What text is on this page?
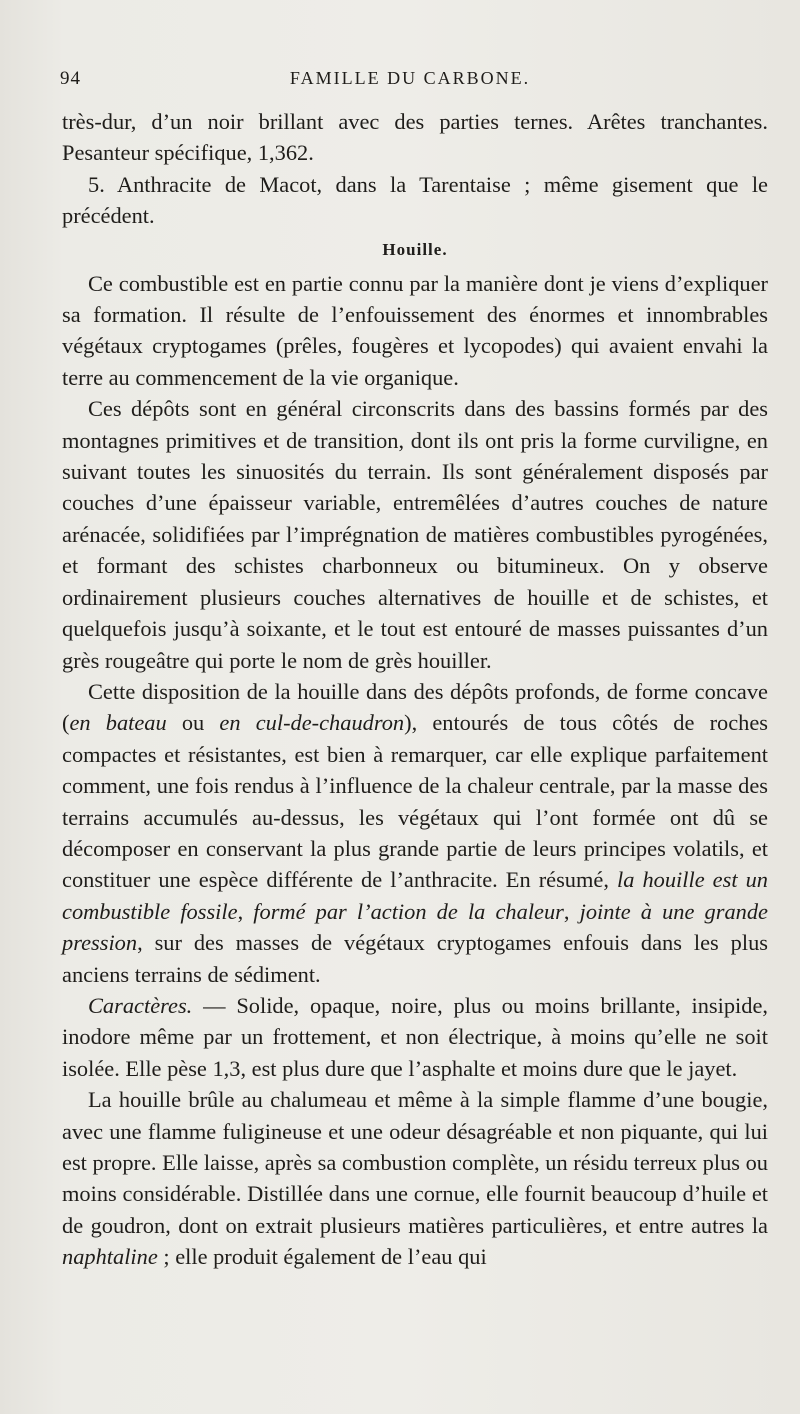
94	FAMILLE DU CARBONE.

très-dur, d’un noir brillant avec des parties ternes. Arêtes tranchantes. Pesanteur spécifique, 1,362.

5. Anthracite de Macot, dans la Tarentaise ; même gisement que le précédent.

Houille.

Ce combustible est en partie connu par la manière dont je viens d’expliquer sa formation. Il résulte de l’enfouissement des énormes et innombrables végétaux cryptogames (prêles, fougères et lycopodes) qui avaient envahi la terre au commencement de la vie organique.

Ces dépôts sont en général circonscrits dans des bassins formés par des montagnes primitives et de transition, dont ils ont pris la forme curviligne, en suivant toutes les sinuosités du terrain. Ils sont généralement disposés par couches d’une épaisseur variable, entremêlées d’autres couches de nature arénacée, solidifiées par l’imprégnation de matières combustibles pyrogénées, et formant des schistes charbonneux ou bitumineux. On y observe ordinairement plusieurs couches alternatives de houille et de schistes, et quelquefois jusqu’à soixante, et le tout est entouré de masses puissantes d’un grès rougeâtre qui porte le nom de grès houiller.

Cette disposition de la houille dans des dépôts profonds, de forme concave (en bateau ou en cul-de-chaudron), entourés de tous côtés de roches compactes et résistantes, est bien à remarquer, car elle explique parfaitement comment, une fois rendus à l’influence de la chaleur centrale, par la masse des terrains accumulés au-dessus, les végétaux qui l’ont formée ont dû se décomposer en conservant la plus grande partie de leurs principes volatils, et constituer une espèce différente de l’anthracite. En résumé, la houille est un combustible fossile, formé par l’action de la chaleur, jointe à une grande pression, sur des masses de végétaux cryptogames enfouis dans les plus anciens terrains de sédiment.

Caractères. — Solide, opaque, noire, plus ou moins brillante, insipide, inodore même par un frottement, et non électrique, à moins qu’elle ne soit isolée. Elle pèse 1,3, est plus dure que l’asphalte et moins dure que le jayet.

La houille brûle au chalumeau et même à la simple flamme d’une bougie, avec une flamme fuligineuse et une odeur désagréable et non piquante, qui lui est propre. Elle laisse, après sa combustion complète, un résidu terreux plus ou moins considérable. Distillée dans une cornue, elle fournit beaucoup d’huile et de goudron, dont on extrait plusieurs matières particulières, et entre autres la naphtaline ; elle produit également de l’eau qui
